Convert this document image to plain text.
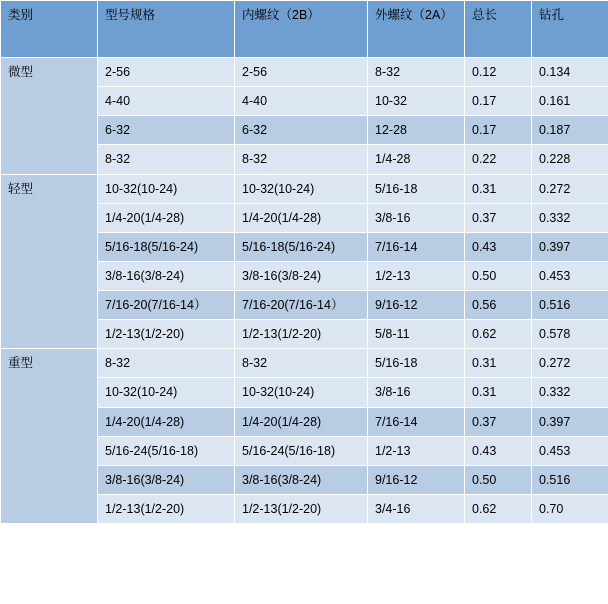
类别	型号规格	内螺纹（2B）	外螺纹（2A）	总长	钻孔

微型	2-56	2-56	8-32	0.12	0.134
	4-40	4-40	10-32	0.17	0.161
	6-32	6-32	12-28	0.17	0.187
	8-32	8-32	1/4-28	0.22	0.228

轻型	10-32(10-24)	10-32(10-24)	5/16-18	0.31	0.272
	1/4-20(1/4-28)	1/4-20(1/4-28)	3/8-16	0.37	0.332
	5/16-18(5/16-24)	5/16-18(5/16-24)	7/16-14	0.43	0.397
	3/8-16(3/8-24)	3/8-16(3/8-24)	1/2-13	0.50	0.453
	7/16-20(7/16-14）	7/16-20(7/16-14）	9/16-12	0.56	0.516
	1/2-13(1/2-20)	1/2-13(1/2-20)	5/8-11	0.62	0.578

重型	8-32	8-32	5/16-18	0.31	0.272
	10-32(10-24)	10-32(10-24)	3/8-16	0.31	0.332
	1/4-20(1/4-28)	1/4-20(1/4-28)	7/16-14	0.37	0.397
	5/16-24(5/16-18)	5/16-24(5/16-18)	1/2-13	0.43	0.453
	3/8-16(3/8-24)	3/8-16(3/8-24)	9/16-12	0.50	0.516
	1/2-13(1/2-20)	1/2-13(1/2-20)	3/4-16	0.62	0.70
